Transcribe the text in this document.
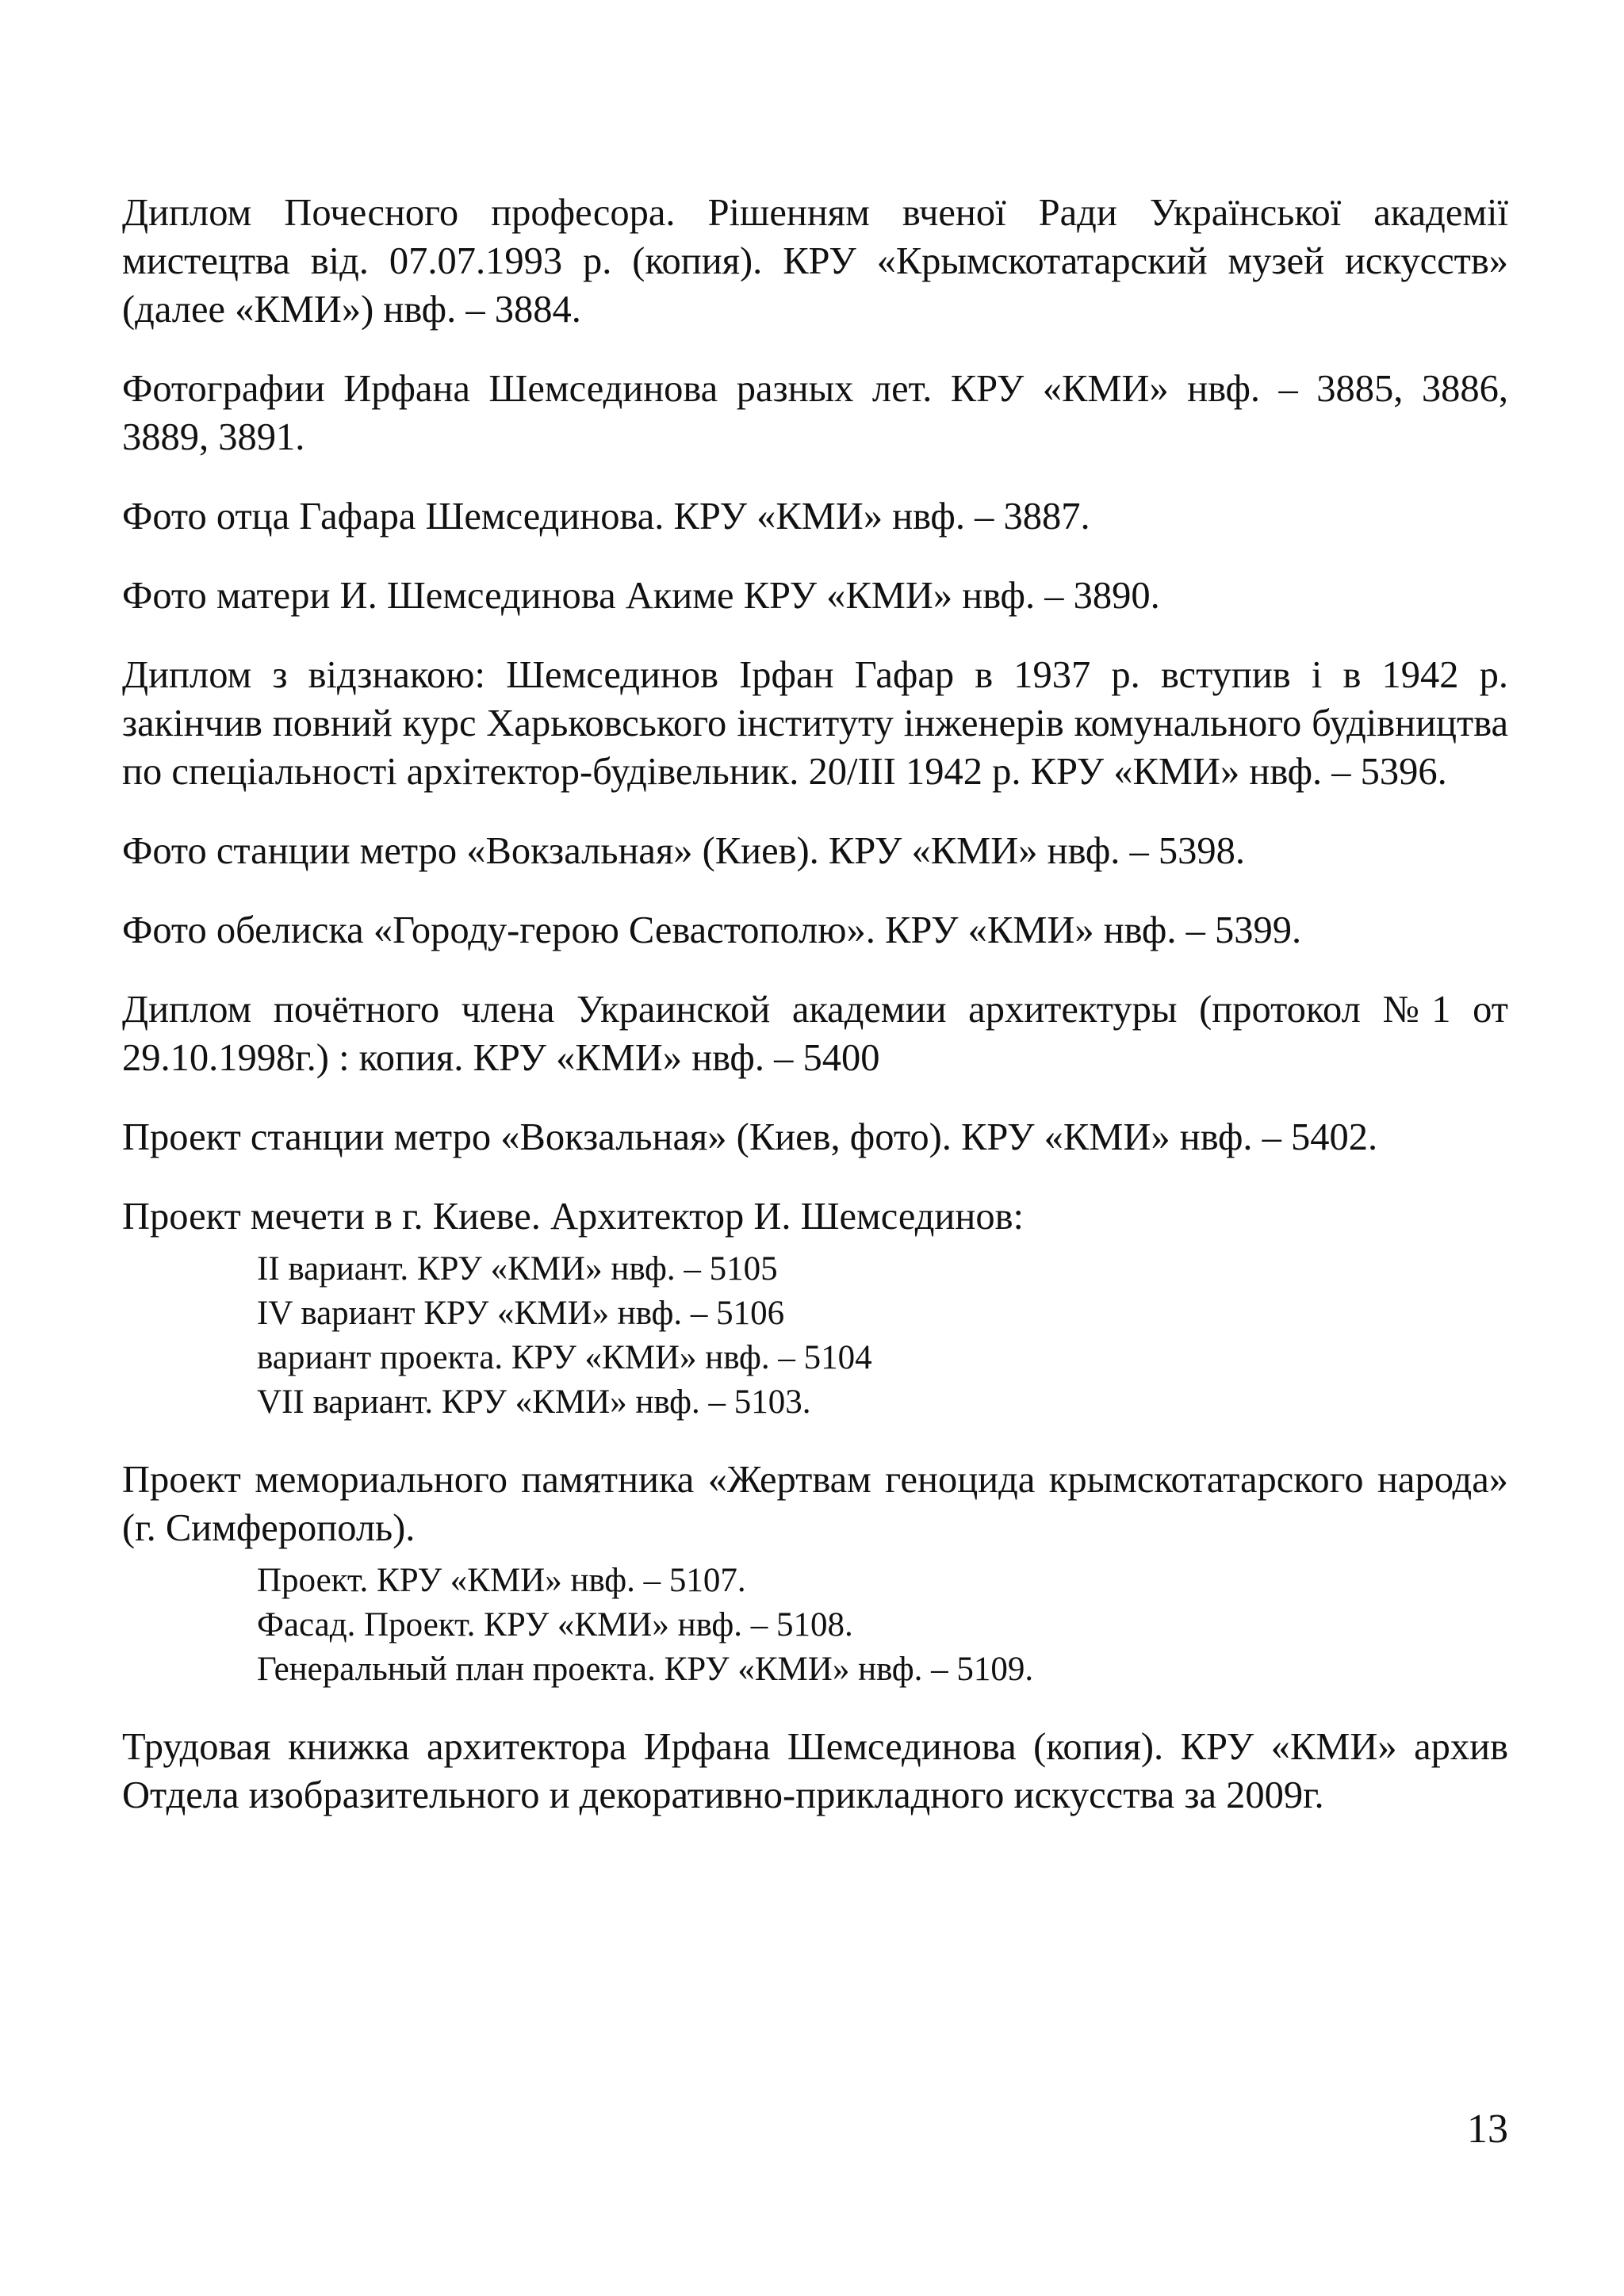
Диплом Почесного професора. Рішенням вченої Ради Української академії мистецтва від. 07.07.1993 р. (копия). КРУ «Крымскотатарский музей искусств» (далее «КМИ») нвф. – 3884.

Фотографии Ирфана Шемсединова разных лет. КРУ «КМИ» нвф. – 3885, 3886, 3889, 3891.

Фото отца Гафара Шемсединова. КРУ «КМИ» нвф. – 3887.

Фото матери И. Шемсединова Акиме КРУ «КМИ» нвф. – 3890.

Диплом з відзнакою: Шемсединов Ірфан Гафар в 1937 р. вступив і в 1942 р. закінчив повний курс Харьковського інституту інженерів комунального будівництва по спеціальності архітектор-будівельник. 20/III 1942 р. КРУ «КМИ» нвф. – 5396.

Фото станции метро «Вокзальная» (Киев). КРУ «КМИ» нвф. – 5398.

Фото обелиска «Городу-герою Севастополю». КРУ «КМИ» нвф. – 5399.

Диплом почётного члена Украинской академии архитектуры (протокол №1 от 29.10.1998г.) : копия. КРУ «КМИ» нвф. – 5400

Проект станции метро «Вокзальная» (Киев, фото). КРУ «КМИ» нвф. – 5402.

Проект мечети в г. Киеве. Архитектор И. Шемсединов:

II вариант. КРУ «КМИ» нвф. – 5105
IV вариант КРУ «КМИ» нвф. – 5106
вариант проекта. КРУ «КМИ» нвф. – 5104
VII вариант. КРУ «КМИ» нвф. – 5103.

Проект мемориального памятника «Жертвам геноцида крымскотатарского народа» (г. Симферополь).

Проект. КРУ «КМИ» нвф. – 5107.
Фасад. Проект. КРУ «КМИ» нвф. – 5108.
Генеральный план проекта. КРУ «КМИ» нвф. – 5109.

Трудовая книжка архитектора Ирфана Шемсединова (копия). КРУ «КМИ» архив Отдела изобразительного и декоративно-прикладного искусства за 2009г.

13
